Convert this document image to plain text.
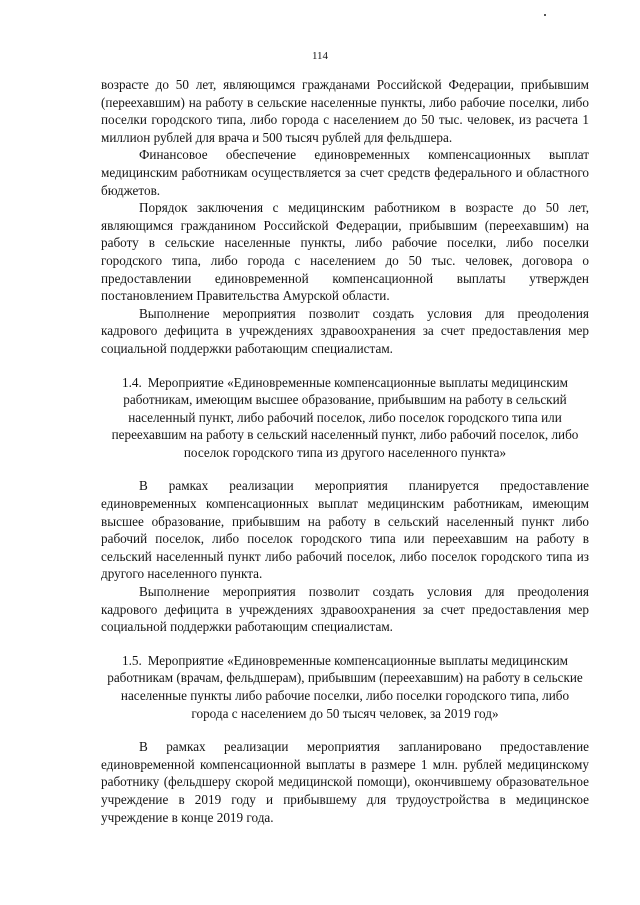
114

возрасте до 50 лет, являющимся гражданами Российской Федерации, прибывшим (переехавшим) на работу в сельские населенные пункты, либо рабочие поселки, либо поселки городского типа, либо города с населением до 50 тыс. человек, из расчета 1 миллион рублей для врача и 500 тысяч рублей для фельдшера.

Финансовое обеспечение единовременных компенсационных выплат медицинским работникам осуществляется за счет средств федерального и областного бюджетов.

Порядок заключения с медицинским работником в возрасте до 50 лет, являющимся гражданином Российской Федерации, прибывшим (переехавшим) на работу в сельские населенные пункты, либо рабочие поселки, либо поселки городского типа, либо города с населением до 50 тыс. человек, договора о предоставлении единовременной компенсационной выплаты утвержден постановлением Правительства Амурской области.

Выполнение мероприятия позволит создать условия для преодоления кадрового дефицита в учреждениях здравоохранения за счет предоставления мер социальной поддержки работающим специалистам.

1.4. Мероприятие «Единовременные компенсационные выплаты медицинским работникам, имеющим высшее образование, прибывшим на работу в сельский населенный пункт, либо рабочий поселок, либо поселок городского типа или переехавшим на работу в сельский населенный пункт, либо рабочий поселок, либо поселок городского типа из другого населенного пункта»

В рамках реализации мероприятия планируется предоставление единовременных компенсационных выплат медицинским работникам, имеющим высшее образование, прибывшим на работу в сельский населенный пункт либо рабочий поселок, либо поселок городского типа или переехавшим на работу в сельский населенный пункт либо рабочий поселок, либо поселок городского типа из другого населенного пункта.

Выполнение мероприятия позволит создать условия для преодоления кадрового дефицита в учреждениях здравоохранения за счет предоставления мер социальной поддержки работающим специалистам.

1.5. Мероприятие «Единовременные компенсационные выплаты медицинским работникам (врачам, фельдшерам), прибывшим (переехавшим) на работу в сельские населенные пункты либо рабочие поселки, либо поселки городского типа, либо города с населением до 50 тысяч человек, за 2019 год»

В рамках реализации мероприятия запланировано предоставление единовременной компенсационной выплаты в размере 1 млн. рублей медицинскому работнику (фельдшеру скорой медицинской помощи), окончившему образовательное учреждение в 2019 году и прибывшему для трудоустройства в медицинское учреждение в конце 2019 года.
